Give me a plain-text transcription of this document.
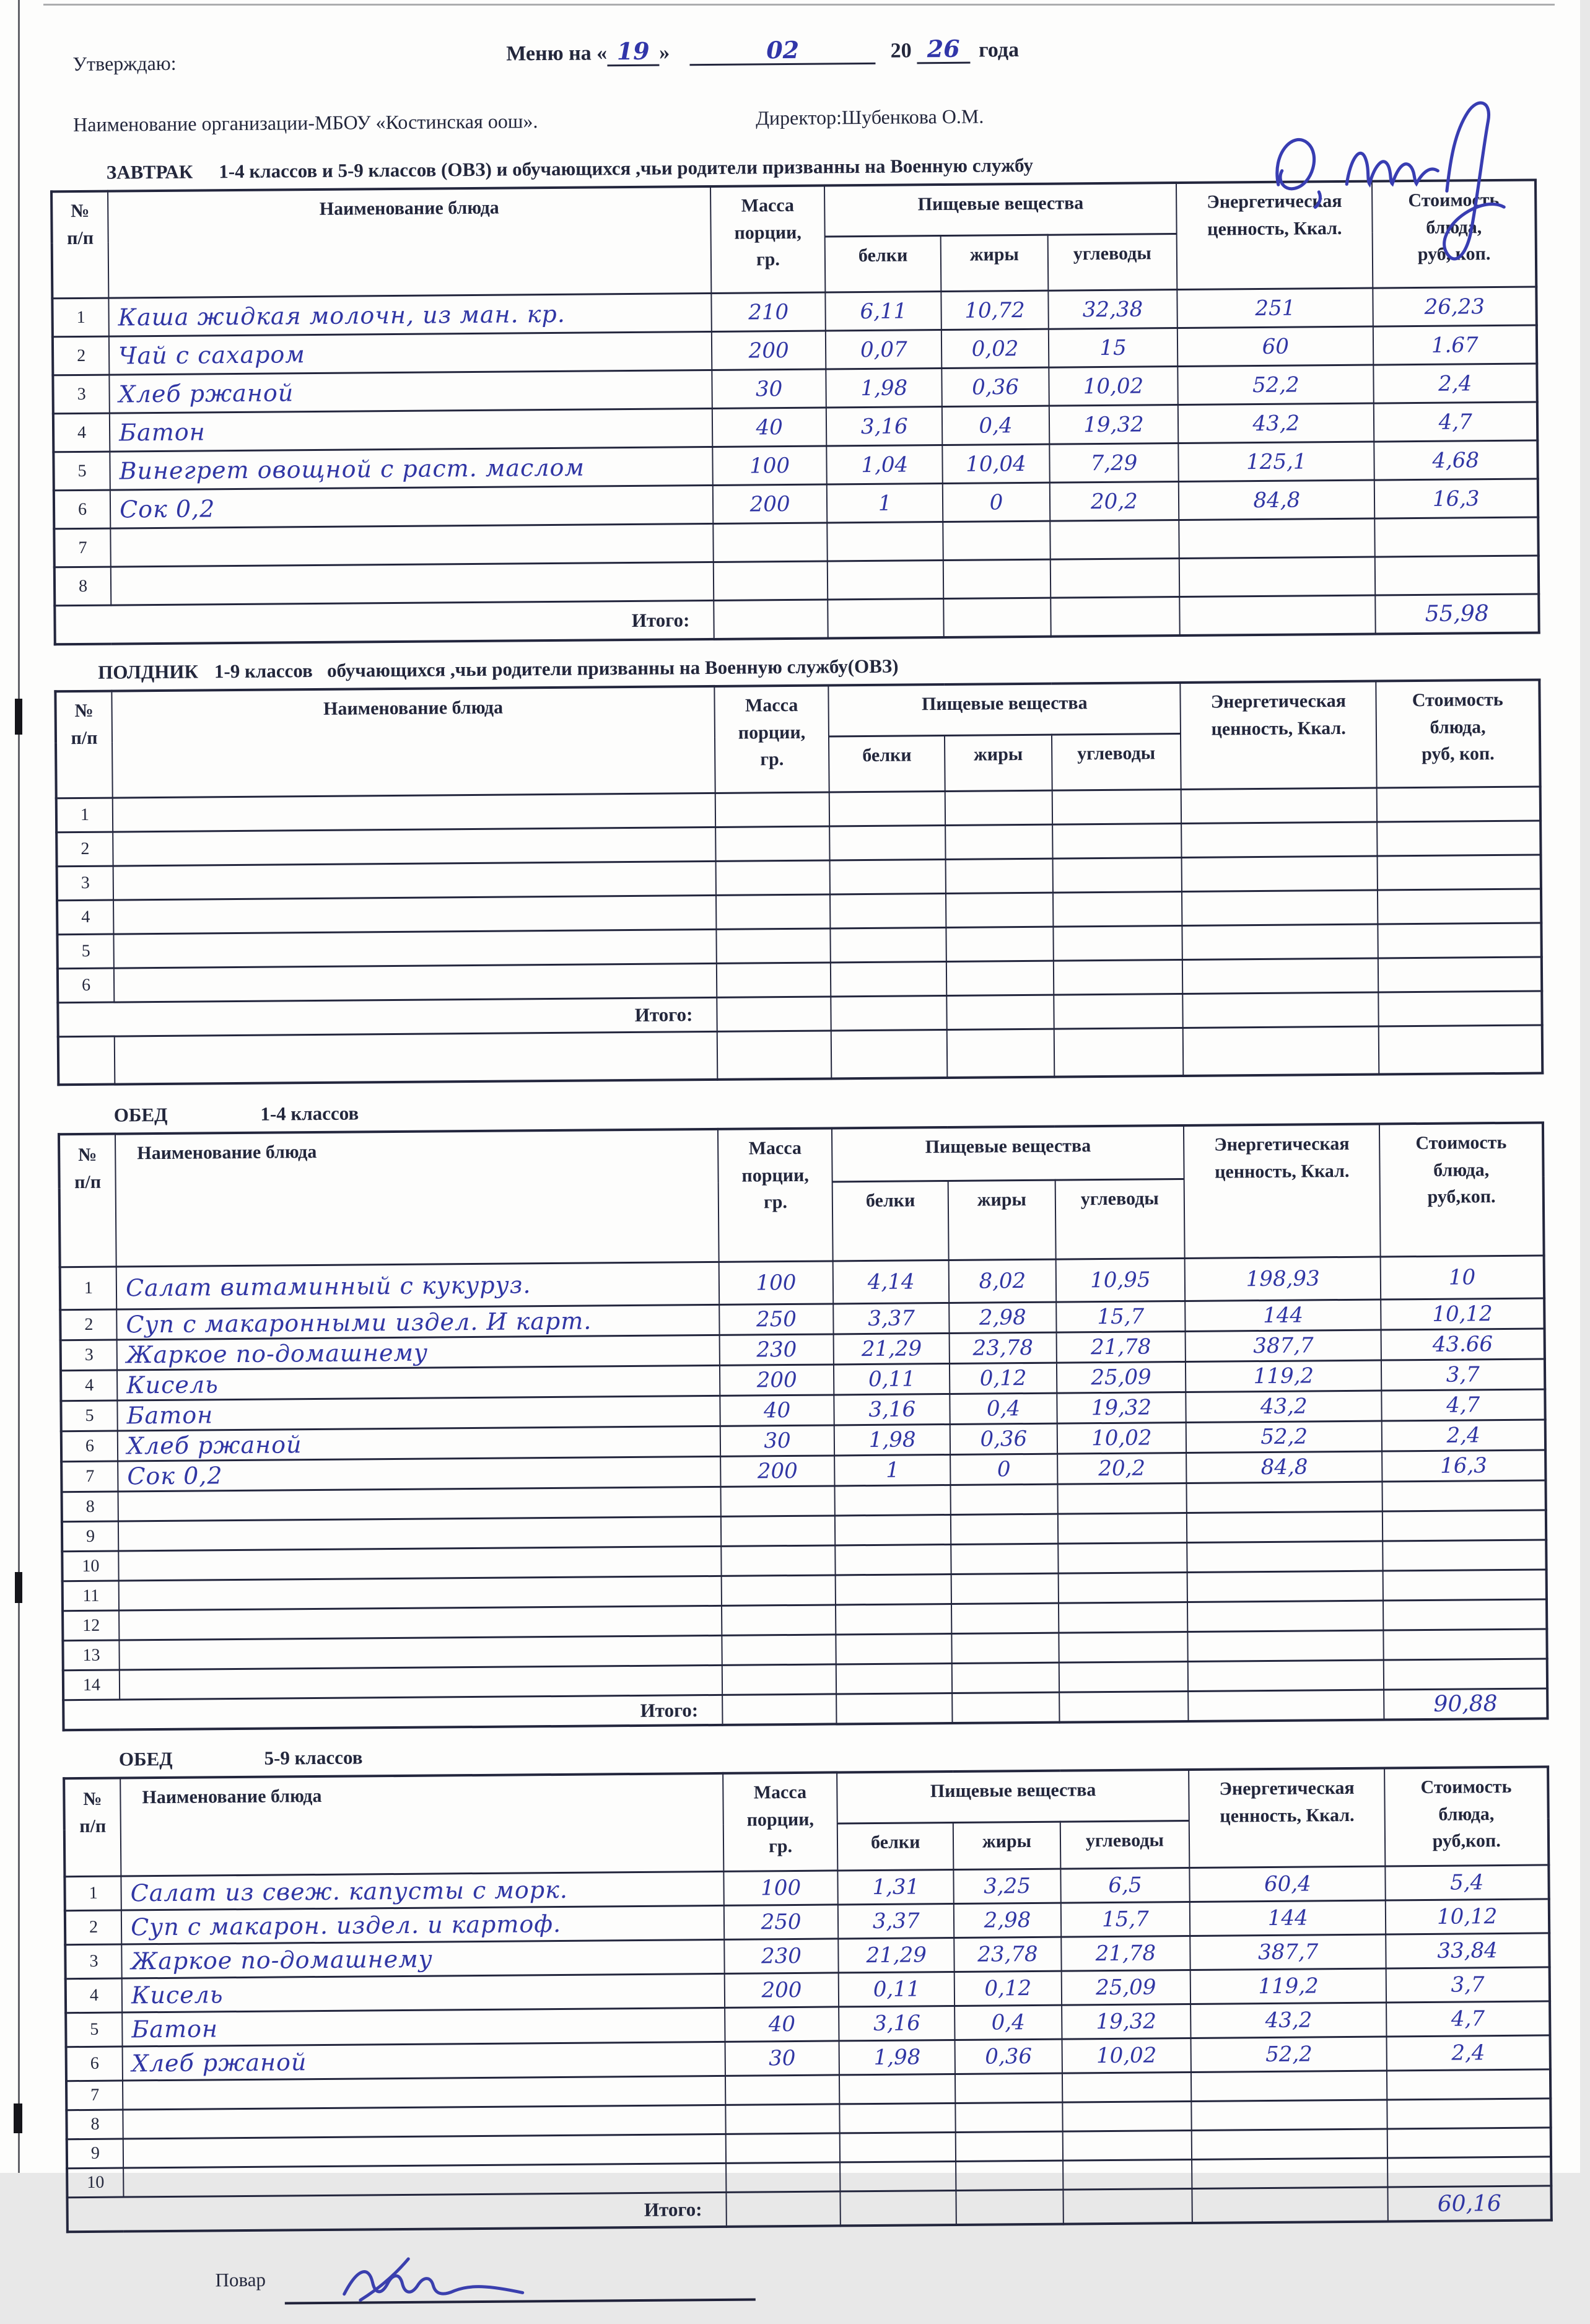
Утверждаю:	Меню на « 19 »	02	20 26 года
Наименование организации-МБОУ «Костинская оош».	Директор:Шубенкова О.М.
ЗАВТРАК 1-4 классов и 5-9 классов (ОВЗ) и обучающихся ,чьи родители призванны на Военную службу
№
п/п	Наименование блюда	Масса
порции,
гр.	Пищевые вещества			Энергетическая
ценность, Ккал.	Стоимость
блюда,
руб, коп.
			белки	жиры	углеводы		
1	Каша жидкая молочн, из ман. кр.	210	6,11	10,72	32,38	251	26,23
2	Чай с сахаром	200	0,07	0,02	15	60	1.67
3	Хлеб ржаной	30	1,98	0,36	10,02	52,2	2,4
4	Батон	40	3,16	0,4	19,32	43,2	4,7
5	Винегрет овощной с раст. маслом	100	1,04	10,04	7,29	125,1	4,68
6	Сок 0,2	200	1	0	20,2	84,8	16,3
7							
8							
Итого:							55,98
ПОЛДНИК 1-9 классов   обучающихся ,чьи родители призванны на Военную службу(ОВЗ)
№
п/п	Наименование блюда	Масса
порции,
гр.	Пищевые вещества			Энергетическая
ценность, Ккал.	Стоимость
блюда,
руб, коп.
			белки	жиры	углеводы		
1							
2							
3							
4							
5							
6							
Итого:							

ОБЕД	1-4 классов
№
п/п	Наименование блюда	Масса
порции,
гр.	Пищевые вещества			Энергетическая
ценность, Ккал.	Стоимость
блюда,
руб,коп.
			белки	жиры	углеводы		
1	Салат витаминный с кукуруз.	100	4,14	8,02	10,95	198,93	10
2	Суп с макаронными издел. И карт.	250	3,37	2,98	15,7	144	10,12
3	Жаркое по-домашнему	230	21,29	23,78	21,78	387,7	43.66
4	Кисель	200	0,11	0,12	25,09	119,2	3,7
5	Батон	40	3,16	0,4	19,32	43,2	4,7
6	Хлеб ржаной	30	1,98	0,36	10,02	52,2	2,4
7	Сок 0,2	200	1	0	20,2	84,8	16,3
8							
9							
10							
11							
12							
13							
14							
Итого:							90,88
ОБЕД	5-9 классов
№
п/п	Наименование блюда	Масса
порции,
гр.	Пищевые вещества			Энергетическая
ценность, Ккал.	Стоимость
блюда,
руб,коп.
			белки	жиры	углеводы		
1	Салат из свеж. капусты с морк.	100	1,31	3,25	6,5	60,4	5,4
2	Суп с макарон. издел. и картоф.	250	3,37	2,98	15,7	144	10,12
3	Жаркое по-домашнему	230	21,29	23,78	21,78	387,7	33,84
4	Кисель	200	0,11	0,12	25,09	119,2	3,7
5	Батон	40	3,16	0,4	19,32	43,2	4,7
6	Хлеб ржаной	30	1,98	0,36	10,02	52,2	2,4
7							
8							
9							
10							
Итого:							60,16
Повар
